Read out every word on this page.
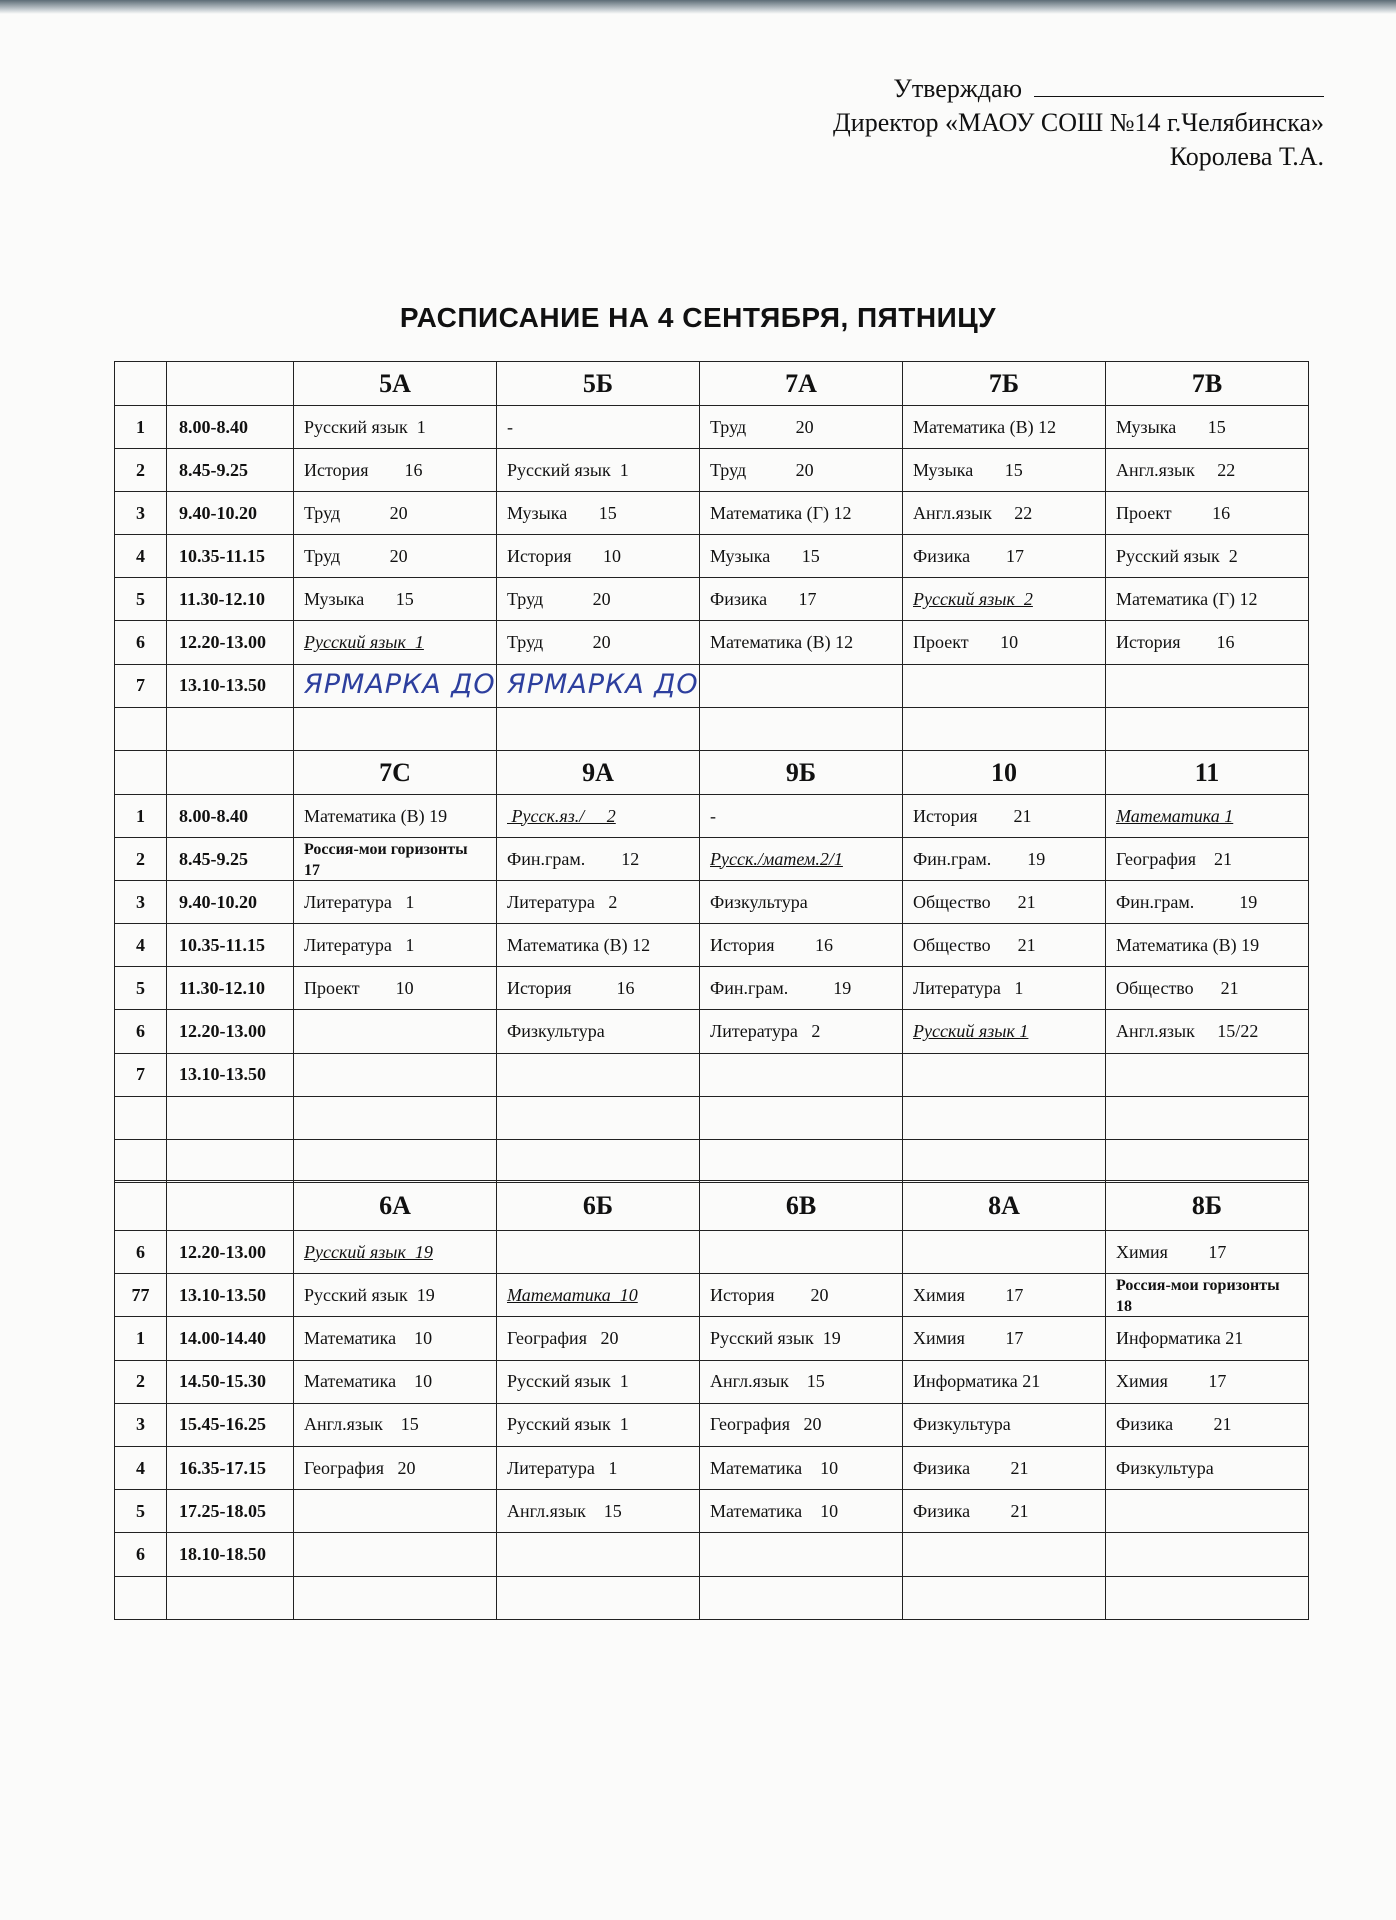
Утверждаю
Директор «МАОУ СОШ №14 г.Челябинска»
Королева Т.А.
РАСПИСАНИЕ НА 4 СЕНТЯБРЯ, ПЯТНИЦУ
		5А	5Б	7А	7Б	7В
1	8.00-8.40	Русский язык  1	-	Труд           20	Математика (В) 12	Музыка       15
2	8.45-9.25	История        16	Русский язык  1	Труд           20	Музыка       15	Англ.язык     22
3	9.40-10.20	Труд           20	Музыка       15	Математика (Г) 12	Англ.язык     22	Проект         16
4	10.35-11.15	Труд           20	История       10	Музыка       15	Физика        17	Русский язык  2
5	11.30-12.10	Музыка       15	Труд           20	Физика       17	Русский язык  2	Математика (Г) 12
6	12.20-13.00	Русский язык  1	Труд           20	Математика (В) 12	Проект       10	История        16
7	13.10-13.50	ЯРМАРКА ДО	ЯРМАРКА ДО			

		7С	9А	9Б	10	11
1	8.00-8.40	Математика (В) 19	Русск.яз./     2	-	История        21	Математика 1
2	8.45-9.25	Россия-мои горизонты 17	Фин.грам.        12	Русск./матем.2/1	Фин.грам.        19	География    21
3	9.40-10.20	Литература   1	Литература   2	Физкультура	Общество      21	Фин.грам.          19
4	10.35-11.15	Литература   1	Математика (В) 12	История         16	Общество      21	Математика (В) 19
5	11.30-12.10	Проект        10	История          16	Фин.грам.          19	Литература   1	Общество      21
6	12.20-13.00		Физкультура	Литература   2	Русский язык 1	Англ.язык     15/22
7	13.10-13.50					

		6А	6Б	6В	8А	8Б
6	12.20-13.00	Русский язык  19				Химия         17
77	13.10-13.50	Русский язык  19	Математика  10	История        20	Химия         17	Россия-мои горизонты 18
1	14.00-14.40	Математика    10	География   20	Русский язык  19	Химия         17	Информатика 21
2	14.50-15.30	Математика    10	Русский язык  1	Англ.язык    15	Информатика 21	Химия         17
3	15.45-16.25	Англ.язык    15	Русский язык  1	География   20	Физкультура	Физика         21
4	16.35-17.15	География   20	Литература   1	Математика    10	Физика         21	Физкультура
5	17.25-18.05		Англ.язык    15	Математика    10	Физика         21	
6	18.10-18.50					
